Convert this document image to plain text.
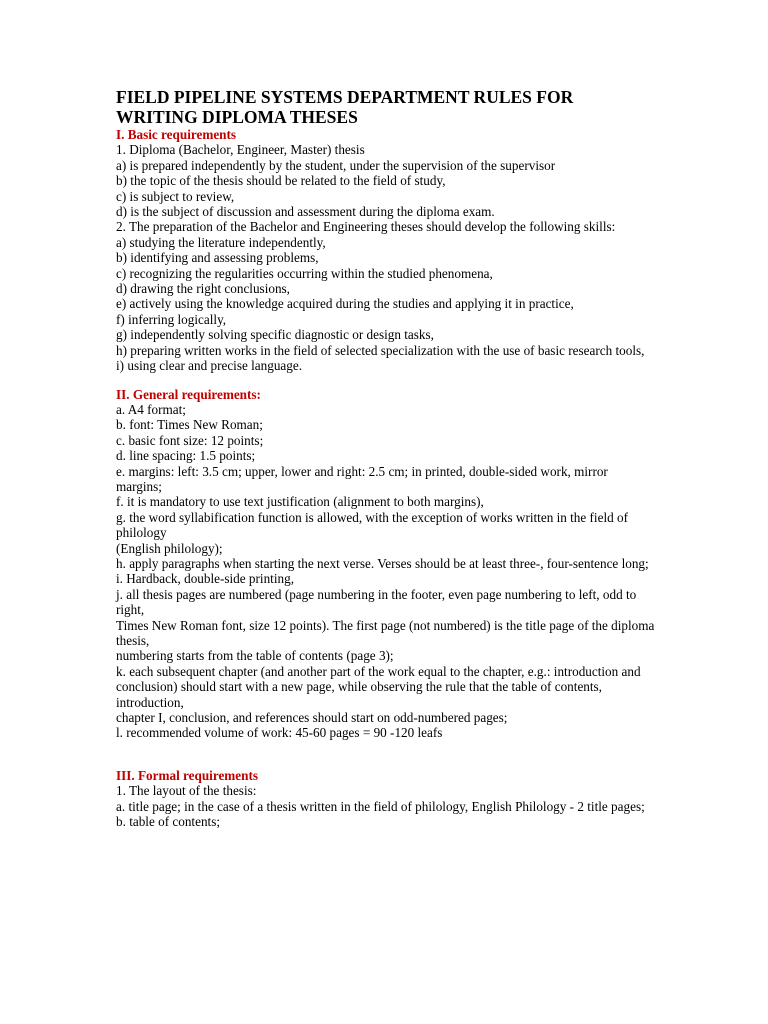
FIELD PIPELINE SYSTEMS DEPARTMENT RULES FOR WRITING DIPLOMA THESES
I. Basic requirements

1. Diploma (Bachelor, Engineer, Master) thesis

a) is prepared independently by the student, under the supervision of the supervisor

b) the topic of the thesis should be related to the field of study,

c) is subject to review,

d) is the subject of discussion and assessment during the diploma exam.

2. The preparation of the Bachelor and Engineering theses should develop the following skills:

a) studying the literature independently,

b) identifying and assessing problems,

c) recognizing the regularities occurring within the studied phenomena,

d) drawing the right conclusions,

e) actively using the knowledge acquired during the studies and applying it in practice,

f) inferring logically,

g) independently solving specific diagnostic or design tasks,

h) preparing written works in the field of selected specialization with the use of basic research tools,

i) using clear and precise language.

II. General requirements:

a. A4 format;

b. font: Times New Roman;

c. basic font size: 12 points;

d. line spacing: 1.5 points;

e. margins: left: 3.5 cm; upper, lower and right: 2.5 cm; in printed, double-sided work, mirror margins;

f. it is mandatory to use text justification (alignment to both margins),

g. the word syllabification function is allowed, with the exception of works written in the field of philology

(English philology);

h. apply paragraphs when starting the next verse. Verses should be at least three-, four-sentence long;

i. Hardback, double-side printing,

j. all thesis pages are numbered (page numbering in the footer, even page numbering to left, odd to right,

Times New Roman font, size 12 points). The first page (not numbered) is the title page of the diploma thesis,

numbering starts from the table of contents (page 3);

k. each subsequent chapter (and another part of the work equal to the chapter, e.g.: introduction and

conclusion) should start with a new page, while observing the rule that the table of contents, introduction,

chapter I, conclusion, and references should start on odd-numbered pages;

l. recommended volume of work: 45-60 pages = 90 -120 leafs

III. Formal requirements

1. The layout of the thesis:

a. title page; in the case of a thesis written in the field of philology, English Philology - 2 title pages;

b. table of contents;
